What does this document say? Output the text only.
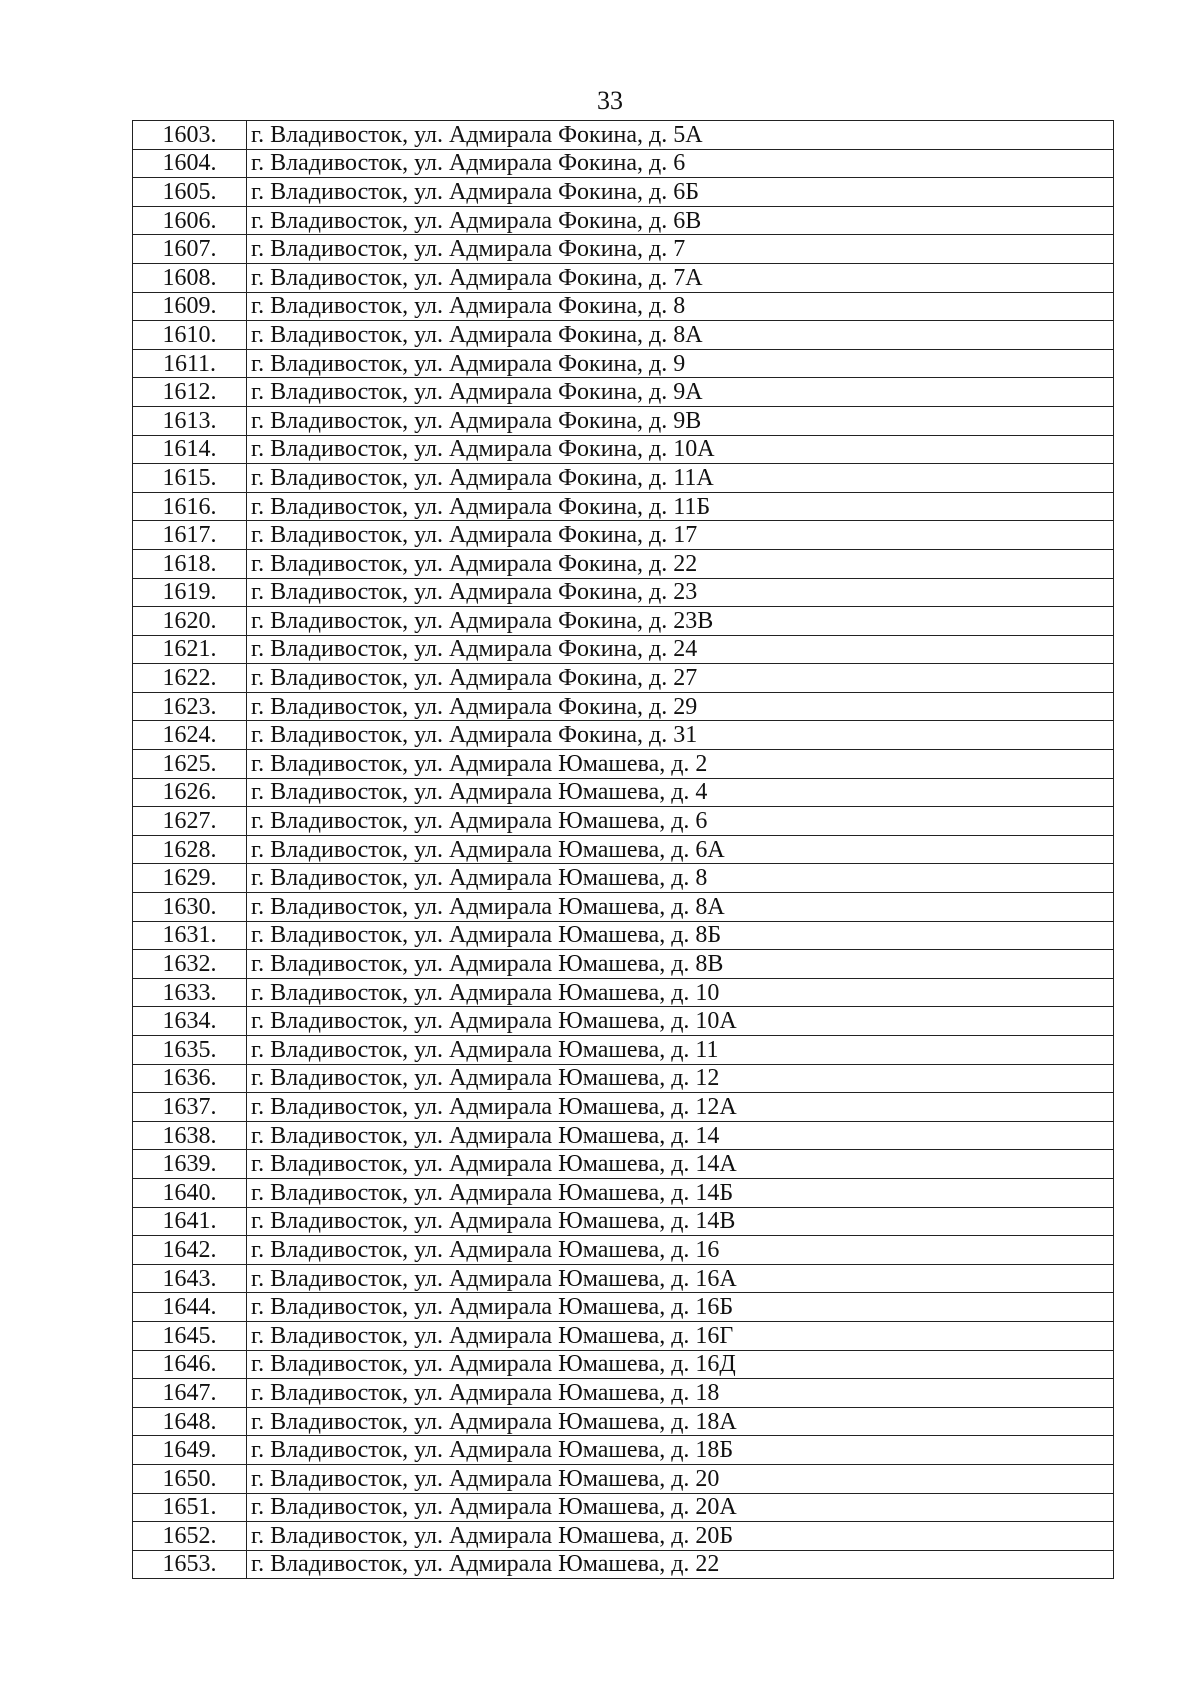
33
1603.	г. Владивосток, ул. Адмирала Фокина, д. 5А
1604.	г. Владивосток, ул. Адмирала Фокина, д. 6
1605.	г. Владивосток, ул. Адмирала Фокина, д. 6Б
1606.	г. Владивосток, ул. Адмирала Фокина, д. 6В
1607.	г. Владивосток, ул. Адмирала Фокина, д. 7
1608.	г. Владивосток, ул. Адмирала Фокина, д. 7А
1609.	г. Владивосток, ул. Адмирала Фокина, д. 8
1610.	г. Владивосток, ул. Адмирала Фокина, д. 8А
1611.	г. Владивосток, ул. Адмирала Фокина, д. 9
1612.	г. Владивосток, ул. Адмирала Фокина, д. 9А
1613.	г. Владивосток, ул. Адмирала Фокина, д. 9В
1614.	г. Владивосток, ул. Адмирала Фокина, д. 10А
1615.	г. Владивосток, ул. Адмирала Фокина, д. 11А
1616.	г. Владивосток, ул. Адмирала Фокина, д. 11Б
1617.	г. Владивосток, ул. Адмирала Фокина, д. 17
1618.	г. Владивосток, ул. Адмирала Фокина, д. 22
1619.	г. Владивосток, ул. Адмирала Фокина, д. 23
1620.	г. Владивосток, ул. Адмирала Фокина, д. 23В
1621.	г. Владивосток, ул. Адмирала Фокина, д. 24
1622.	г. Владивосток, ул. Адмирала Фокина, д. 27
1623.	г. Владивосток, ул. Адмирала Фокина, д. 29
1624.	г. Владивосток, ул. Адмирала Фокина, д. 31
1625.	г. Владивосток, ул. Адмирала Юмашева, д. 2
1626.	г. Владивосток, ул. Адмирала Юмашева, д. 4
1627.	г. Владивосток, ул. Адмирала Юмашева, д. 6
1628.	г. Владивосток, ул. Адмирала Юмашева, д. 6А
1629.	г. Владивосток, ул. Адмирала Юмашева, д. 8
1630.	г. Владивосток, ул. Адмирала Юмашева, д. 8А
1631.	г. Владивосток, ул. Адмирала Юмашева, д. 8Б
1632.	г. Владивосток, ул. Адмирала Юмашева, д. 8В
1633.	г. Владивосток, ул. Адмирала Юмашева, д. 10
1634.	г. Владивосток, ул. Адмирала Юмашева, д. 10А
1635.	г. Владивосток, ул. Адмирала Юмашева, д. 11
1636.	г. Владивосток, ул. Адмирала Юмашева, д. 12
1637.	г. Владивосток, ул. Адмирала Юмашева, д. 12А
1638.	г. Владивосток, ул. Адмирала Юмашева, д. 14
1639.	г. Владивосток, ул. Адмирала Юмашева, д. 14А
1640.	г. Владивосток, ул. Адмирала Юмашева, д. 14Б
1641.	г. Владивосток, ул. Адмирала Юмашева, д. 14В
1642.	г. Владивосток, ул. Адмирала Юмашева, д. 16
1643.	г. Владивосток, ул. Адмирала Юмашева, д. 16А
1644.	г. Владивосток, ул. Адмирала Юмашева, д. 16Б
1645.	г. Владивосток, ул. Адмирала Юмашева, д. 16Г
1646.	г. Владивосток, ул. Адмирала Юмашева, д. 16Д
1647.	г. Владивосток, ул. Адмирала Юмашева, д. 18
1648.	г. Владивосток, ул. Адмирала Юмашева, д. 18А
1649.	г. Владивосток, ул. Адмирала Юмашева, д. 18Б
1650.	г. Владивосток, ул. Адмирала Юмашева, д. 20
1651.	г. Владивосток, ул. Адмирала Юмашева, д. 20А
1652.	г. Владивосток, ул. Адмирала Юмашева, д. 20Б
1653.	г. Владивосток, ул. Адмирала Юмашева, д. 22
